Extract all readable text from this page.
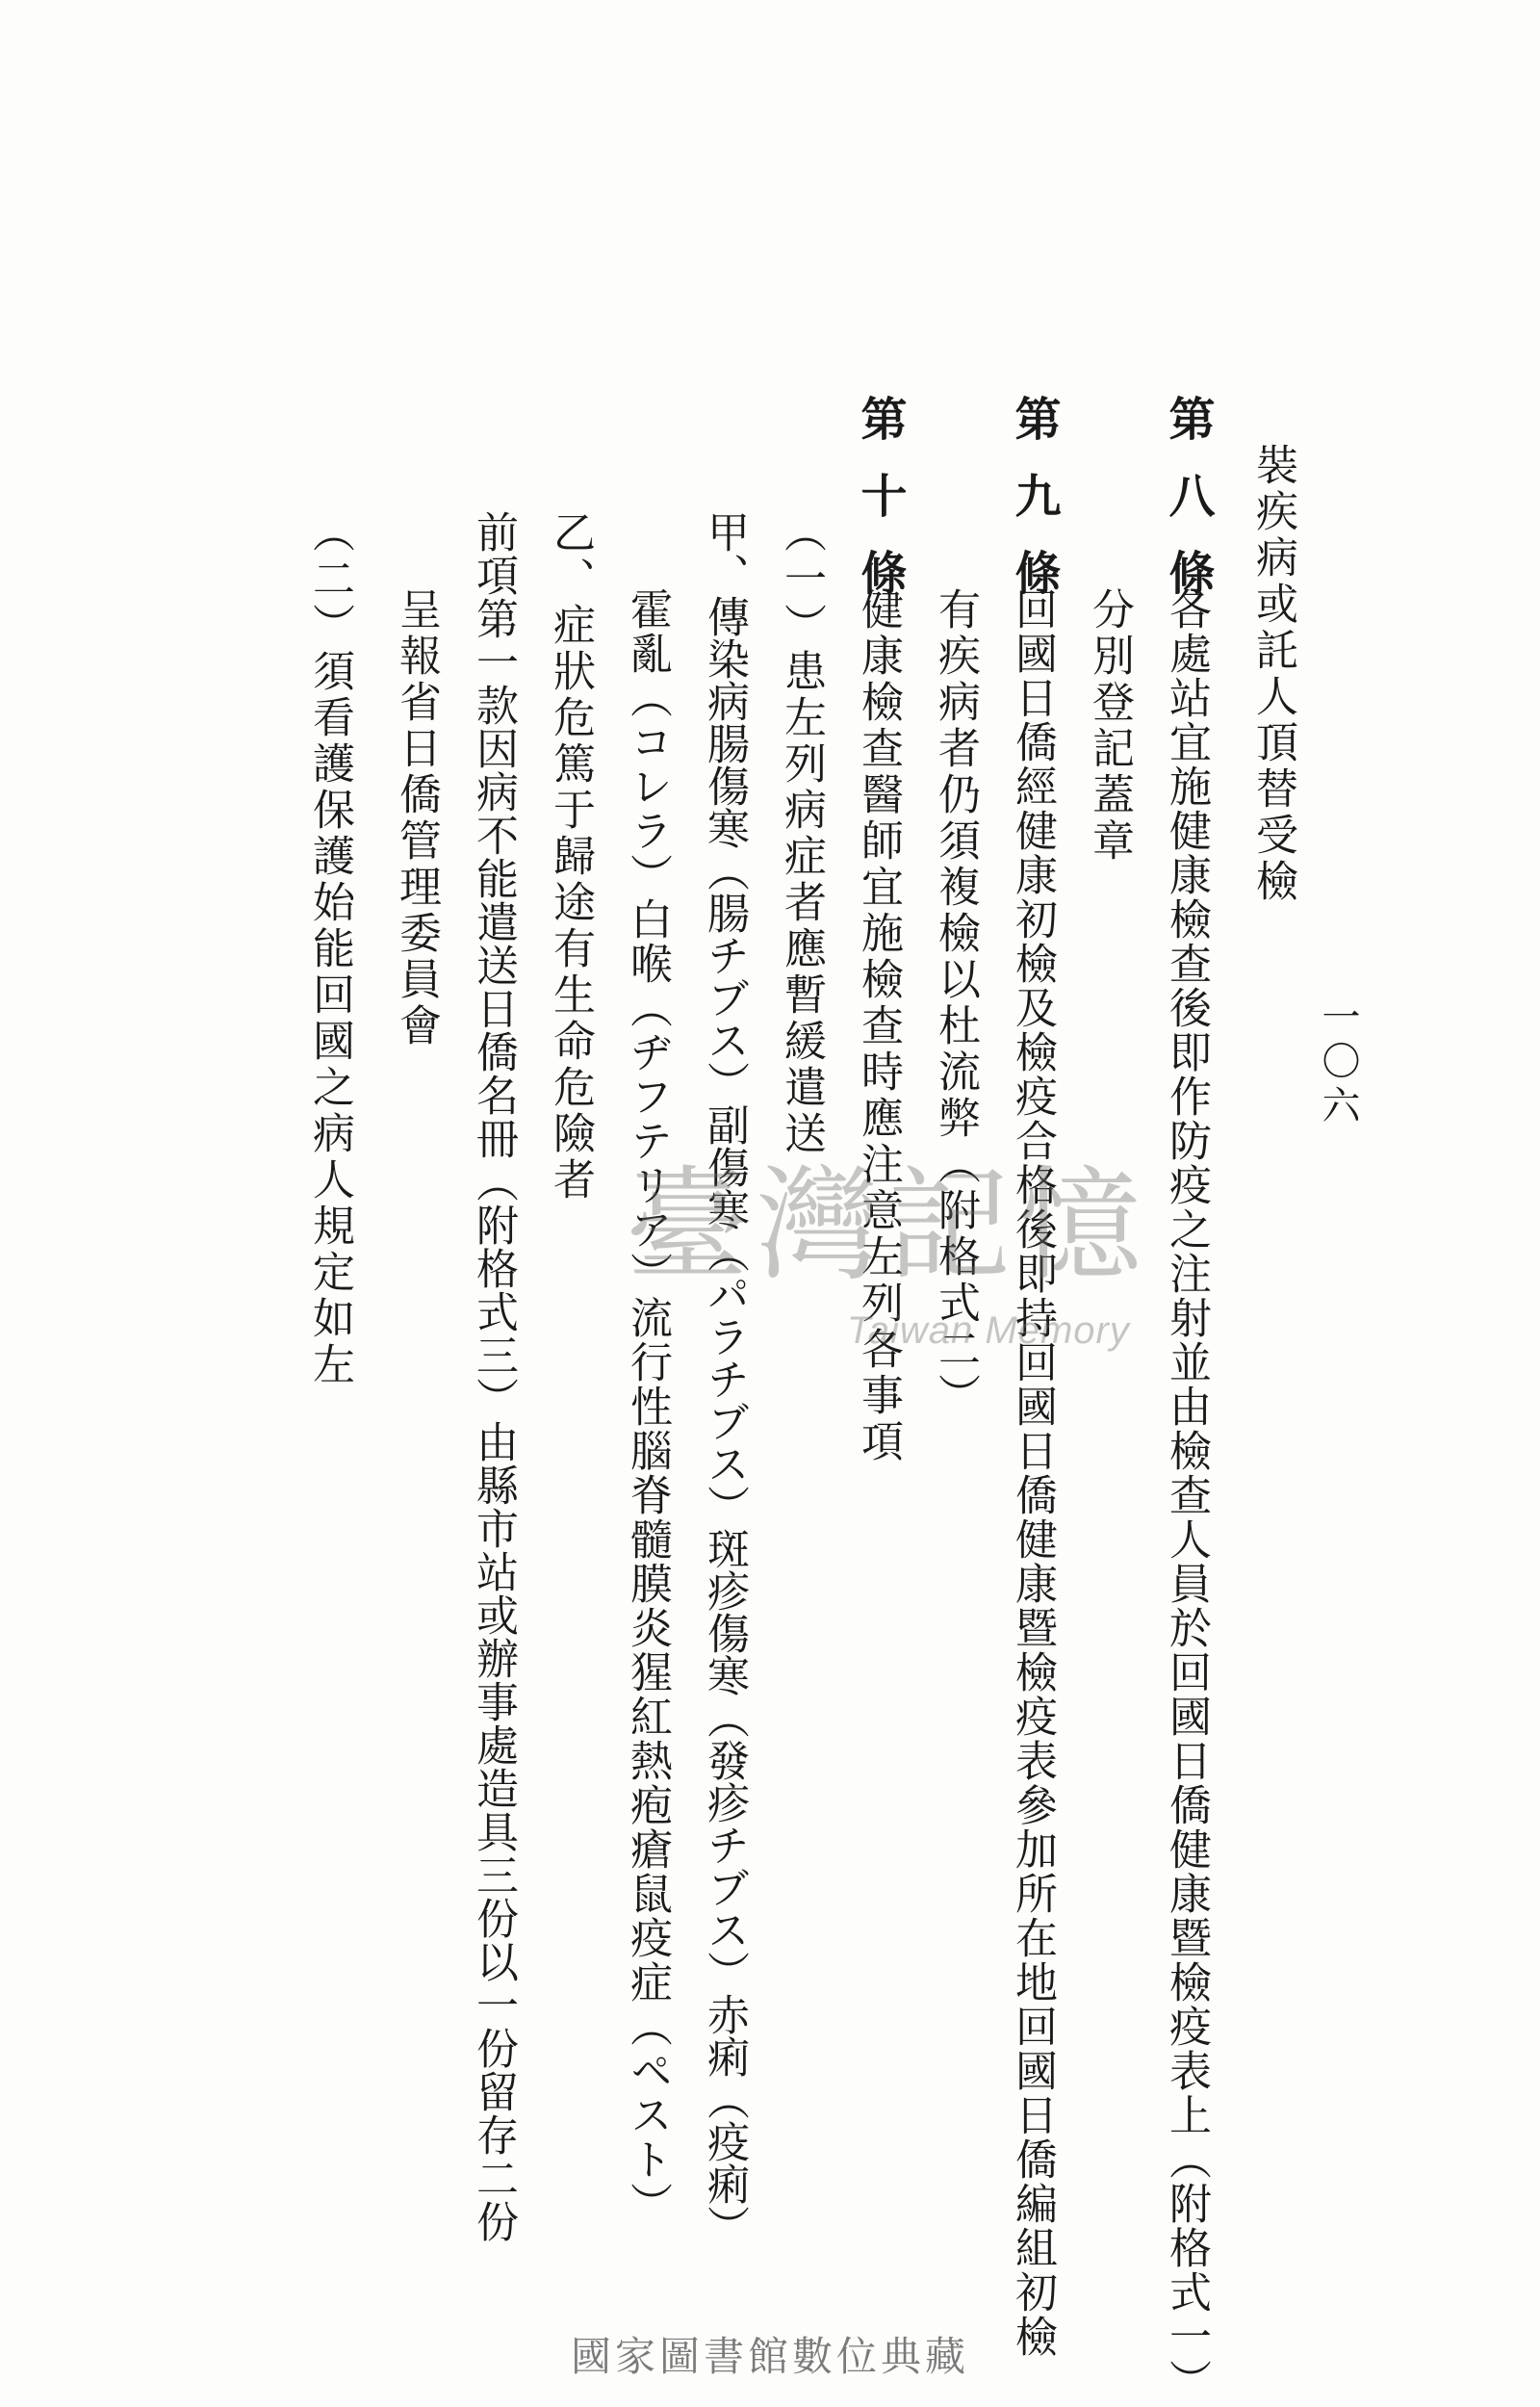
一〇六
裝疾病或託人頂替受檢
第八條
各處站宜施健康檢查後即作防疫之注射並由檢查人員於回國日僑健康暨檢疫表上（附格式一）
分別登記蓋章
第九條
回國日僑經健康初檢及檢疫合格後即持回國日僑健康暨檢疫表參加所在地回國日僑編組初檢
有疾病者仍須複檢以杜流弊（附格式二）
第十條
健康檢查醫師宜施檢查時應注意左列各事項
（一）患左列病症者應暫緩遣送
甲、傳染病腸傷寒（腸チブス）副傷寒（パラチブス）斑疹傷寒（發疹チブス）赤痢（疫痢）
霍亂（コレラ）白喉（ヂフテリア）流行性腦脊髓膜炎猩紅熱疱瘡鼠疫症（ペスト）
乙、症狀危篤于歸途有生命危險者
前項第一款因病不能遣送日僑名冊（附格式三）由縣市站或辦事處造具三份以一份留存二份
呈報省日僑管理委員會
（二）須看護保護始能回國之病人規定如左 臺灣記憶
Taiwan Memory
國家圖書館數位典藏
